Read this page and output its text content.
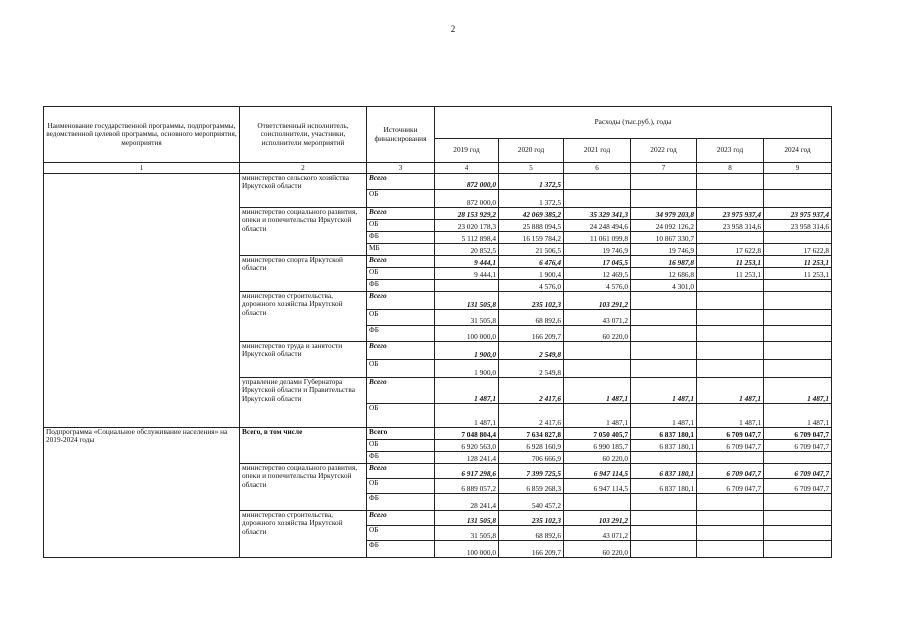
2
Наименование государственной программы, подпрограммы, ведомственной целевой программы, основного мероприятия, мероприятия	Ответственный исполнитель, соисполнители, участники, исполнители мероприятий	Источники финансирования	Расходы (тыс.руб.), годы					
			2019 год	2020 год	2021 год	2022 год	2023 год	2024 год
1	2	3	4	5	6	7	8	9
	министерство сельского хозяйства Иркутской области	Всего	872 000,0	1 372,5				
		ОБ	872 000,0	1 372,5				
	министерство социального развития, опеки и попечительства Иркутской области	Всего	28 153 929,2	42 069 385,2	35 329 341,3	34 979 203,8	23 975 937,4	23 975 937,4
		ОБ	23 020 178,3	25 888 094,5	24 248 494,6	24 092 126,2	23 958 314,6	23 958 314,6
		ФБ	5 112 898,4	16 159 784,2	11 061 099,8	10 867 330,7		
		МБ	20 852,5	21 506,5	19 746,9	19 746,9	17 622,8	17 622,8
	министерство спорта Иркутской области	Всего	9 444,1	6 476,4	17 045,5	16 987,8	11 253,1	11 253,1
		ОБ	9 444,1	1 900,4	12 469,5	12 686,8	11 253,1	11 253,1
		ФБ		4 576,0	4 576,0	4 301,0		
	министерство строительства, дорожного хозяйства Иркутской области	Всего	131 505,8	235 102,3	103 291,2			
		ОБ	31 505,8	68 892,6	43 071,2			
		ФБ	100 000,0	166 209,7	60 220,0			
	министерство труда и занятости Иркутской области	Всего	1 900,0	2 549,8				
		ОБ	1 900,0	2 549,8				
	управление делами Губернатора Иркутской области и Правительства Иркутской области	Всего	1 487,1	2 417,6	1 487,1	1 487,1	1 487,1	1 487,1
		ОБ	1 487,1	2 417,6	1 487,1	1 487,1	1 487,1	1 487,1
Подпрограмма «Социальное обслуживание населения» на 2019-2024 годы	Всего, в том числе	Всего	7 048 804,4	7 634 827,8	7 050 405,7	6 837 180,1	6 709 047,7	6 709 047,7
		ОБ	6 920 563,0	6 928 160,9	6 990 185,7	6 837 180,1	6 709 047,7	6 709 047,7
		ФБ	128 241,4	706 666,9	60 220,0			
	министерство социального развития, опеки и попечительства Иркутской области	Всего	6 917 298,6	7 399 725,5	6 947 114,5	6 837 180,1	6 709 047,7	6 709 047,7
		ОБ	6 889 057,2	6 859 268,3	6 947 114,5	6 837 180,1	6 709 047,7	6 709 047,7
		ФБ	28 241,4	540 457,2				
	министерство строительства, дорожного хозяйства Иркутской области	Всего	131 505,8	235 102,3	103 291,2			
		ОБ	31 505,8	68 892,6	43 071,2			
		ФБ	100 000,0	166 209,7	60 220,0			
